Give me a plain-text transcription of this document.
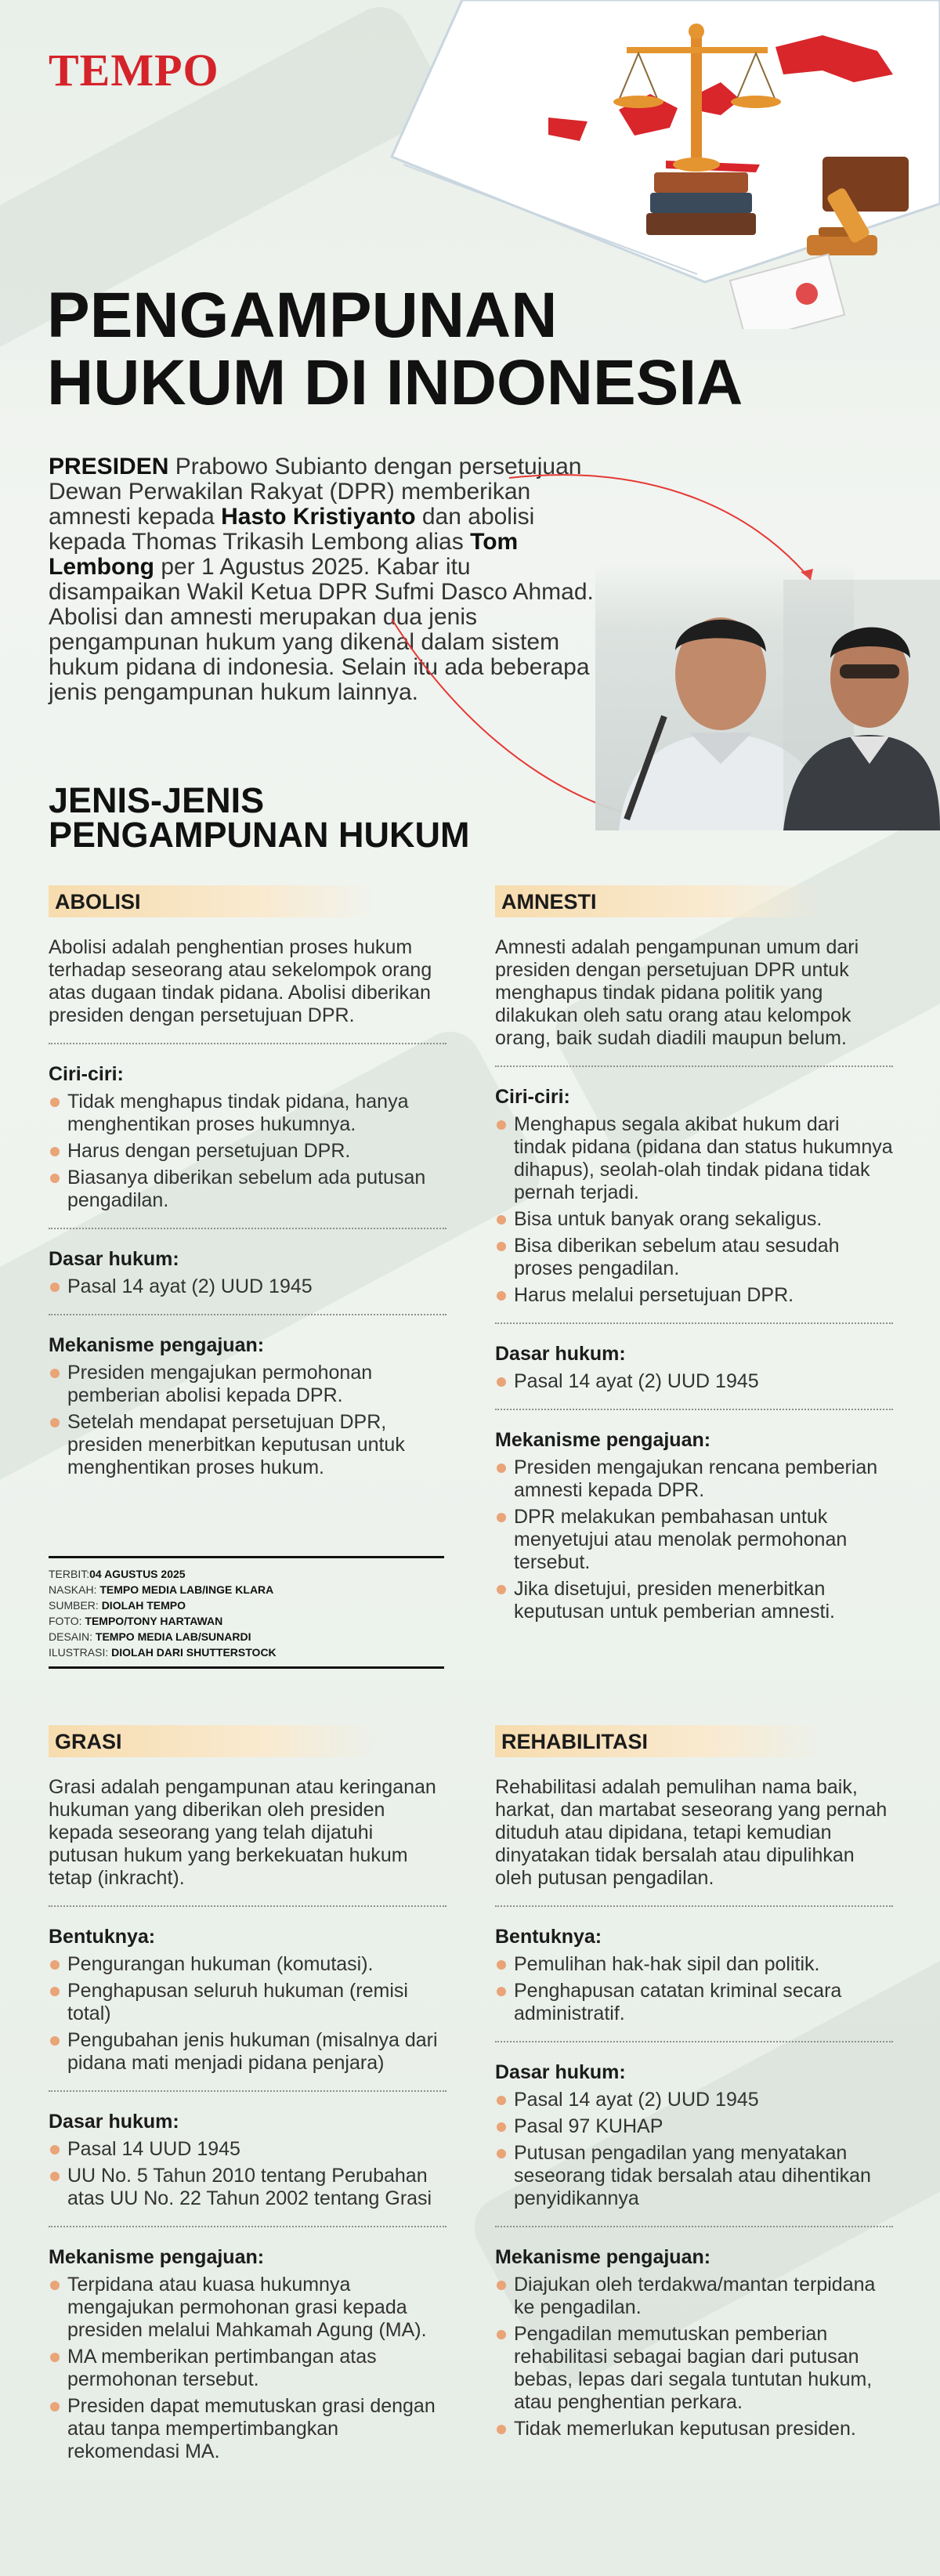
TEMPO
PENGAMPUNAN
HUKUM DI INDONESIA
PRESIDEN Prabowo Subianto dengan persetujuan Dewan Perwakilan Rakyat (DPR) memberikan amnesti kepada Hasto Kristiyanto dan abolisi kepada Thomas Trikasih Lembong alias Tom Lembong per 1 Agustus 2025. Kabar itu disampaikan Wakil Ketua DPR Sufmi Dasco Ahmad. Abolisi dan amnesti merupakan dua jenis pengampunan hukum yang dikenal dalam sistem hukum pidana di indonesia. Selain itu ada beberapa jenis pengampunan hukum lainnya.
JENIS-JENIS
PENGAMPUNAN HUKUM
ABOLISI
Abolisi adalah penghentian proses hukum terhadap seseorang atau sekelompok orang atas dugaan tindak pidana. Abolisi diberikan presiden dengan persetujuan DPR.
Ciri-ciri:
Tidak menghapus tindak pidana, hanya menghentikan proses hukumnya.
Harus dengan persetujuan DPR.
Biasanya diberikan sebelum ada putusan pengadilan.
Dasar hukum:
Pasal 14 ayat (2) UUD 1945
Mekanisme pengajuan:
Presiden mengajukan permohonan pemberian abolisi kepada DPR.
Setelah mendapat persetujuan DPR, presiden menerbitkan keputusan untuk menghentikan proses hukum.
AMNESTI
Amnesti adalah pengampunan umum dari presiden dengan persetujuan DPR untuk menghapus tindak pidana politik yang dilakukan oleh satu orang atau kelompok orang, baik sudah diadili maupun belum.
Ciri-ciri:
Menghapus segala akibat hukum dari tindak pidana (pidana dan status hukumnya dihapus), seolah-olah tindak pidana tidak pernah terjadi.
Bisa untuk banyak orang sekaligus.
Bisa diberikan sebelum atau sesudah proses pengadilan.
Harus melalui persetujuan DPR.
Dasar hukum:
Pasal 14 ayat (2) UUD 1945
Mekanisme pengajuan:
Presiden mengajukan rencana pemberian amnesti kepada DPR.
DPR melakukan pembahasan untuk menyetujui atau menolak permohonan tersebut.
Jika disetujui, presiden menerbitkan keputusan untuk pemberian amnesti.
TERBIT:04 AGUSTUS 2025
NASKAH: TEMPO MEDIA LAB/INGE KLARA
SUMBER: DIOLAH TEMPO
FOTO: TEMPO/TONY HARTAWAN
DESAIN: TEMPO MEDIA LAB/SUNARDI
ILUSTRASI: DIOLAH DARI SHUTTERSTOCK
GRASI
Grasi adalah pengampunan atau keringanan hukuman yang diberikan oleh presiden kepada seseorang yang telah dijatuhi putusan hukum yang berkekuatan hukum tetap (inkracht).
Bentuknya:
Pengurangan hukuman (komutasi).
Penghapusan seluruh hukuman (remisi total)
Pengubahan jenis hukuman (misalnya dari pidana mati menjadi pidana penjara)
Dasar hukum:
Pasal 14 UUD 1945
UU No. 5 Tahun 2010 tentang Perubahan atas UU No. 22 Tahun 2002 tentang Grasi
Mekanisme pengajuan:
Terpidana atau kuasa hukumnya mengajukan permohonan grasi kepada presiden melalui Mahkamah Agung (MA).
MA memberikan pertimbangan atas permohonan tersebut.
Presiden dapat memutuskan grasi dengan atau tanpa mempertimbangkan rekomendasi MA.
REHABILITASI
Rehabilitasi adalah pemulihan nama baik, harkat, dan martabat seseorang yang pernah dituduh atau dipidana, tetapi kemudian dinyatakan tidak bersalah atau dipulihkan oleh putusan pengadilan.
Bentuknya:
Pemulihan hak-hak sipil dan politik.
Penghapusan catatan kriminal secara administratif.
Dasar hukum:
Pasal 14 ayat (2) UUD 1945
Pasal 97 KUHAP
Putusan pengadilan yang menyatakan seseorang tidak bersalah atau dihentikan penyidikannya
Mekanisme pengajuan:
Diajukan oleh terdakwa/mantan terpidana ke pengadilan.
Pengadilan memutuskan pemberian rehabilitasi sebagai bagian dari putusan bebas, lepas dari segala tuntutan hukum, atau penghentian perkara.
Tidak memerlukan keputusan presiden.
